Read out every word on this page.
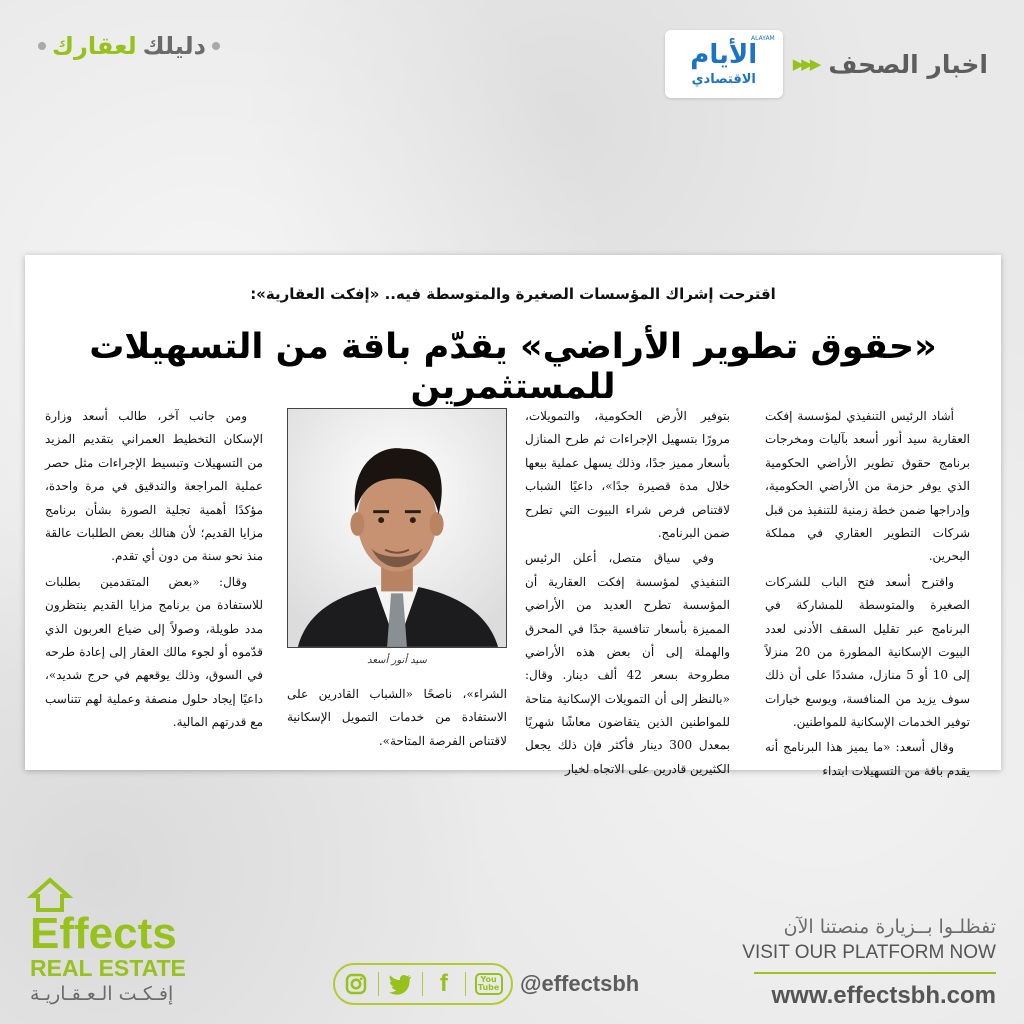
دليلك
لعقارك	ALAYAM
الأيام
الاقتصادي
▶▶▶ اخبار الصحف
اقترحت إشراك المؤسسات الصغيرة والمتوسطة فيه.. «إفكت العقارية»:
«حقوق تطوير الأراضي» يقدّم باقة من التسهيلات للمستثمرين

أشاد الرئيس التنفيذي لمؤسسة إفكت العقارية سيد أنور أسعد بآليات ومخرجات برنامج حقوق تطوير الأراضي الحكومية الذي يوفر حزمة من الأراضي الحكومية، وإدراجها ضمن خطة زمنية للتنفيذ من قبل شركات التطوير العقاري في مملكة البحرين.

واقترح أسعد فتح الباب للشركات الصغيرة والمتوسطة للمشاركة في البرنامج عبر تقليل السقف الأدنى لعدد البيوت الإسكانية المطورة من 20 منزلاً إلى 10 أو 5 منازل، مشددًا على أن ذلك سوف يزيد من المنافسة، ويوسع خيارات توفير الخدمات الإسكانية للمواطنين.

وقال أسعد: «ما يميز هذا البرنامج أنه يقدم باقة من التسهيلات ابتداء

بتوفير الأرض الحكومية، والتمويلات، مرورًا بتسهيل الإجراءات ثم طرح المنازل بأسعار مميز جدًا، وذلك يسهل عملية بيعها خلال مدة قصيرة جدًا»، داعيًا الشباب لاقتناص فرص شراء البيوت التي تطرح ضمن البرنامج.

وفي سياق متصل، أعلن الرئيس التنفيذي لمؤسسة إفكت العقارية أن المؤسسة تطرح العديد من الأراضي المميزة بأسعار تنافسية جدًا في المحرق والهملة إلى أن بعض هذه الأراضي مطروحة بسعر 42 ألف دينار. وقال: «بالنظر إلى أن التمويلات الإسكانية متاحة للمواطنين الذين يتقاضون معاشًا شهريًا بمعدل 300 دينار فأكثر فإن ذلك يجعل الكثيرين قادرين على الاتجاه لخيار

سيد أنور أسعد

الشراء»، ناصحًا «الشباب القادرين على الاستفادة من خدمات التمويل الإسكانية لاقتناص الفرصة المتاحة».

ومن جانب آخر، طالب أسعد وزارة الإسكان التخطيط العمراني بتقديم المزيد من التسهيلات وتبسيط الإجراءات مثل حصر عملية المراجعة والتدقيق في مرة واحدة، مؤكدًا أهمية تجلية الصورة بشأن برنامج مزايا القديم؛ لأن هنالك بعض الطلبات عالقة منذ نحو سنة من دون أي تقدم.

وقال: «بعض المتقدمين بطلبات للاستفادة من برنامج مزايا القديم ينتظرون مدد طويلة، وصولاً إلى ضياع العربون الذي قدّموه أو لجوء مالك العقار إلى إعادة طرحه في السوق، وذلك يوقعهم في حرج شديد»، داعيًا إيجاد حلول منصفة وعملية لهم تتناسب مع قدرتهم المالية.

Effects
REAL ESTATE
إفـكـت الـعـقـاريـة	f	You Tube @effectsbh
تفظلـوا بــزيارة منصتنا الآن
VISIT OUR PLATFORM NOW
www.effectsbh.com
